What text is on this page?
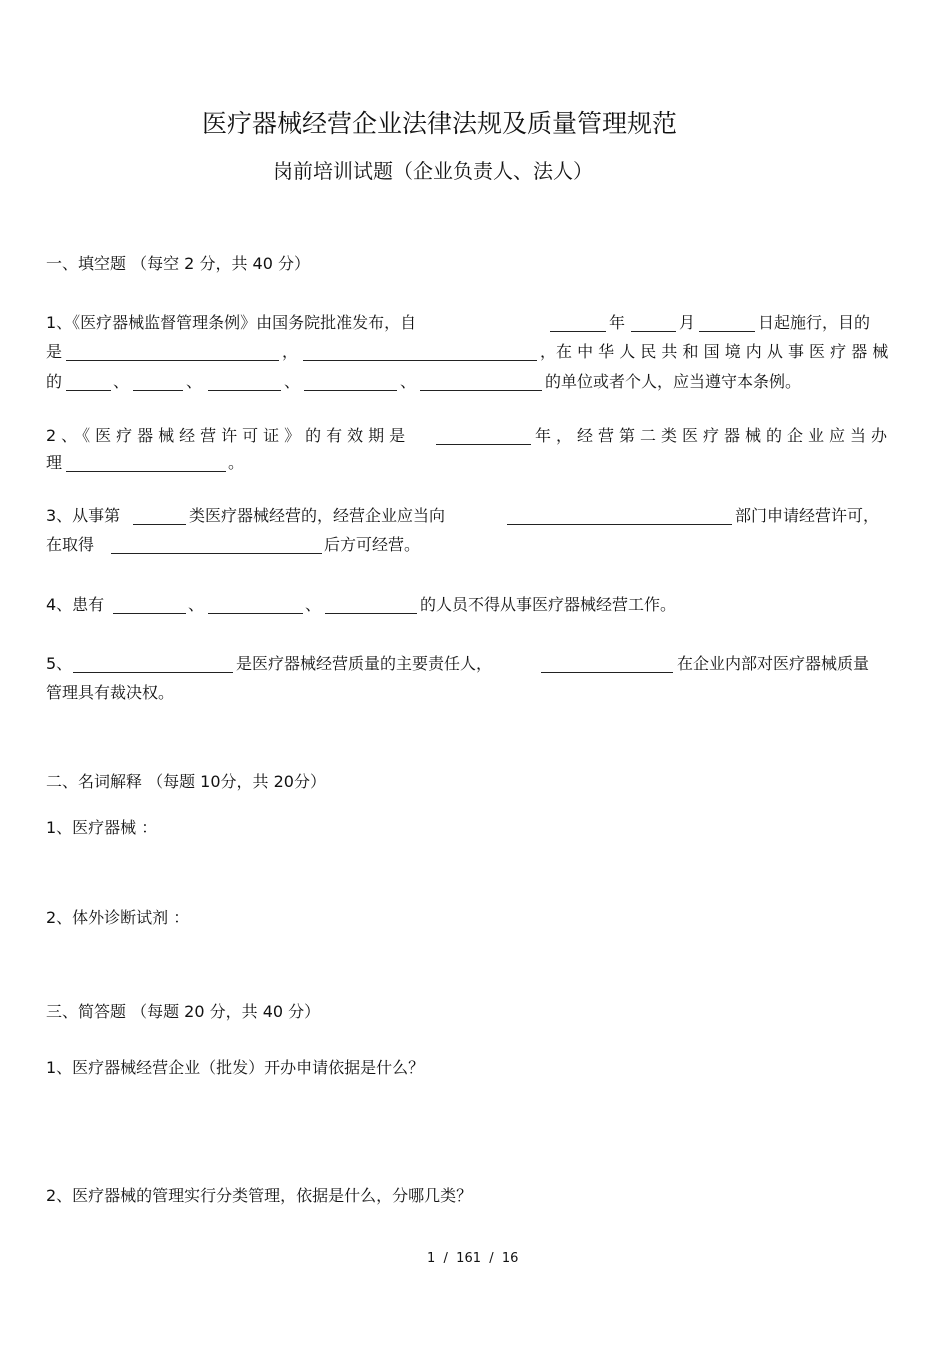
医疗器械经营企业法律法规及质量管理规范
岗前培训试题（企业负责人、法人）
一、填空题 （每空 2 分，共 40 分）
1、《医疗器械监督管理条例》由国务院批准发布，自	年	月	日起施行，目的
是	，	，在 中 华 人 民 共 和 国 境 内 从 事 医 疗 器 械
的	、	、	、	、	的单位或者个人，应当遵守本条例。
2、《医疗器械经营许可证》的有效期是	年，经营第二类医疗器械的企业应当办
理	。
3、从事第	类医疗器械经营的，经营企业应当向	部门申请经营许可，
在取得	后方可经营。
4、患有	、	、	的人员不得从事医疗器械经营工作。
5、	是医疗器械经营质量的主要责任人，	在企业内部对医疗器械质量
管理具有裁决权。
二、名词解释 （每题 10分，共 20分）
1、医疗器械 ：
2、体外诊断试剂 ：
三、简答题 （每题 20 分，共 40 分）
1、医疗器械经营企业（批发）开办申请依据是什么？
2、医疗器械的管理实行分类管理，依据是什么，分哪几类？
1  /  161  /  16
